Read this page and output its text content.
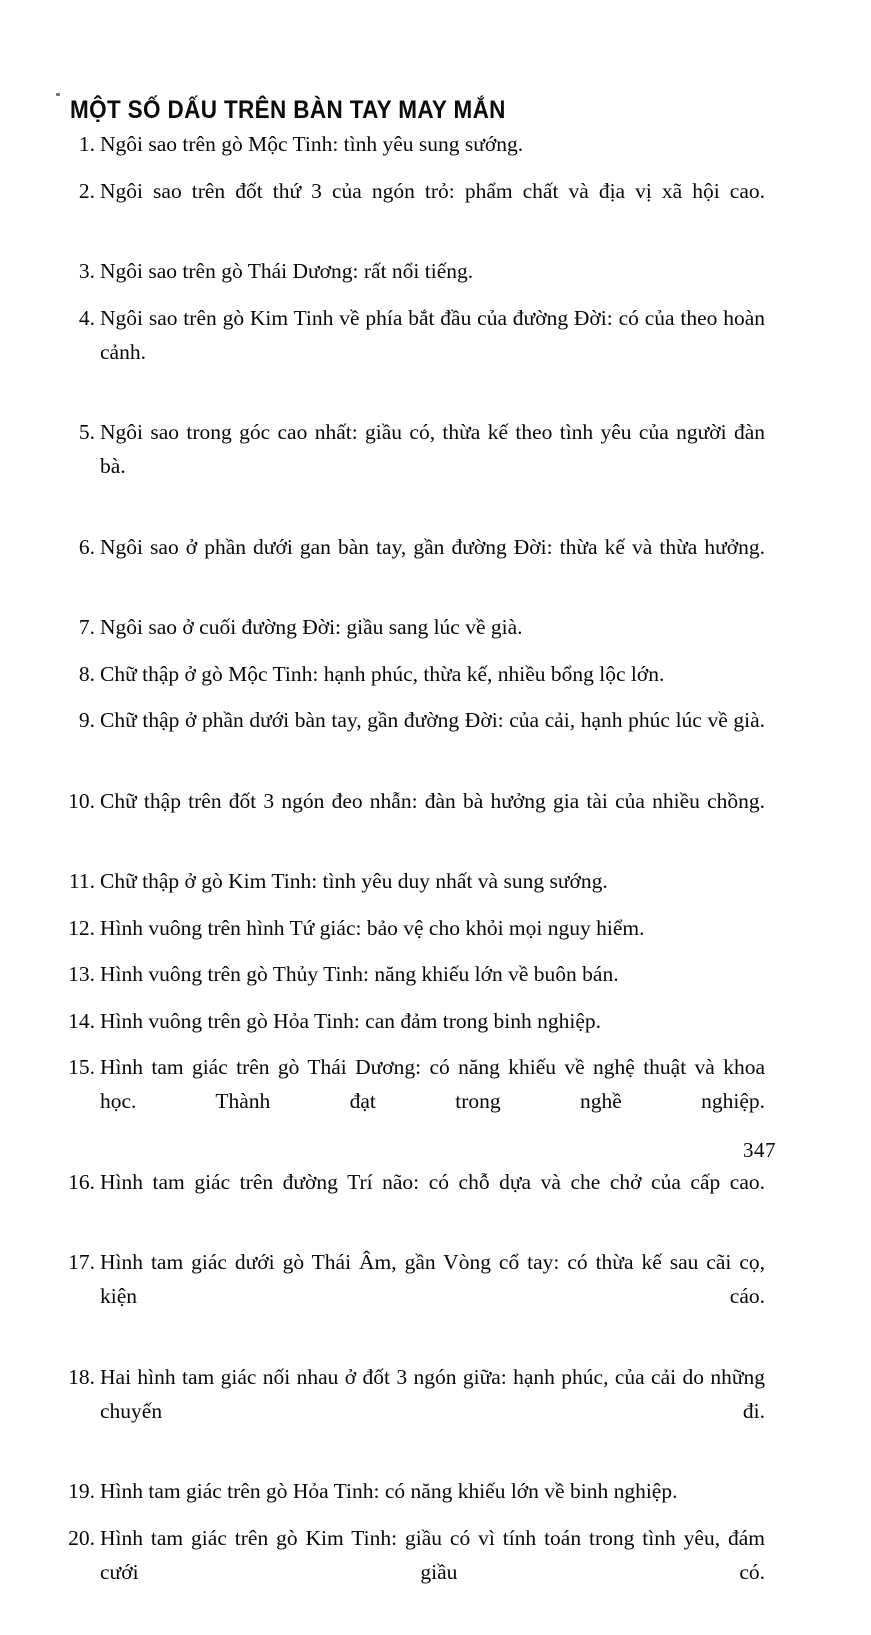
MỘT SỐ DẤU TRÊN BÀN TAY MAY MẮN
1. Ngôi sao trên gò Mộc Tinh: tình yêu sung sướng.
2. Ngôi sao trên đốt thứ 3 của ngón trỏ: phẩm chất và địa vị xã hội cao.
3. Ngôi sao trên gò Thái Dương: rất nổi tiếng.
4. Ngôi sao trên gò Kim Tinh về phía bắt đầu của đường Đời: có của theo hoàn cảnh.
5. Ngôi sao trong góc cao nhất: giầu có, thừa kế theo tình yêu của người đàn bà.
6. Ngôi sao ở phần dưới gan bàn tay, gần đường Đời: thừa kế và thừa hưởng.
7. Ngôi sao ở cuối đường Đời: giầu sang lúc về già.
8. Chữ thập ở gò Mộc Tinh: hạnh phúc, thừa kế, nhiều bổng lộc lớn.
9. Chữ thập ở phần dưới bàn tay, gần đường Đời: của cải, hạnh phúc lúc về già.
10. Chữ thập trên đốt 3 ngón đeo nhẫn: đàn bà hưởng gia tài của nhiều chồng.
11. Chữ thập ở gò Kim Tinh: tình yêu duy nhất và sung sướng.
12. Hình vuông trên hình Tứ giác: bảo vệ cho khỏi mọi nguy hiểm.
13. Hình vuông trên gò Thủy Tinh: năng khiếu lớn về buôn bán.
14. Hình vuông trên gò Hỏa Tinh: can đảm trong binh nghiệp.
15. Hình tam giác trên gò Thái Dương: có năng khiếu về nghệ thuật và khoa học. Thành đạt trong nghề nghiệp.
16. Hình tam giác trên đường Trí não: có chỗ dựa và che chở của cấp cao.
17. Hình tam giác dưới gò Thái Âm, gần Vòng cổ tay: có thừa kế sau cãi cọ, kiện cáo.
18. Hai hình tam giác nối nhau ở đốt 3 ngón giữa: hạnh phúc, của cải do những chuyến đi.
19. Hình tam giác trên gò Hỏa Tinh: có năng khiếu lớn về binh nghiệp.
20. Hình tam giác trên gò Kim Tinh: giầu có vì tính toán trong tình yêu, đám cưới giầu có.
347
